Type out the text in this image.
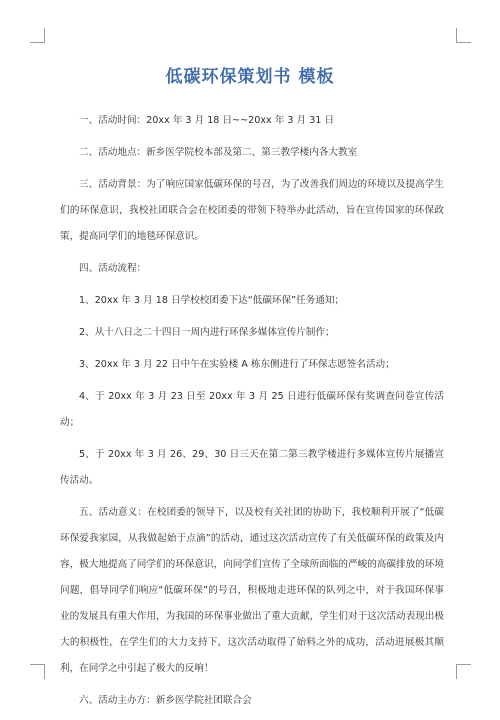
低碳环保策划书 模板

一、活动时间：20xx 年 3 月 18 日~~20xx 年 3 月 31 日

二、活动地点：新乡医学院校本部及第二、第三教学楼内各大教室

三、活动背景：为了响应国家低碳环保的号召，为了改善我们周边的环境以及提高学生们的环保意识，我校社团联合会在校团委的带领下特举办此活动，旨在宣传国家的环保政策，提高同学们的地毯环保意识。

四、活动流程：

1、20xx 年 3 月 18 日学校校团委下达“低碳环保”任务通知；

2、从十八日之二十四日一周内进行环保多媒体宣传片制作；

3、20xx 年 3 月 22 日中午在实验楼 A 栋东侧进行了环保志愿签名活动；

4、于 20xx 年 3 月 23 日至 20xx 年 3 月 25 日进行低碳环保有奖调查问卷宣传活动；

5、于 20xx 年 3 月 26、29、30 日三天在第二第三教学楼进行多媒体宣传片展播宣传活动。

五、活动意义：在校团委的领导下，以及校有关社团的协助下，我校顺利开展了“低碳环保爱我家园，从我做起始于点滴”的活动，通过这次活动宣传了有关低碳环保的政策及内容，极大地提高了同学们的环保意识，向同学们宣传了全球所面临的严峻的高碳排放的环境问题，倡导同学们响应“低碳环保”的号召，积极地走进环保的队列之中，对于我国环保事业的发展具有重大作用，为我国的环保事业做出了重大贡献，学生们对于这次活动表现出极大的积极性，在学生们的大力支持下，这次活动取得了始料之外的成功，活动进展极其顺利，在同学之中引起了极大的反响！

六、活动主办方：新乡医学院社团联合会
